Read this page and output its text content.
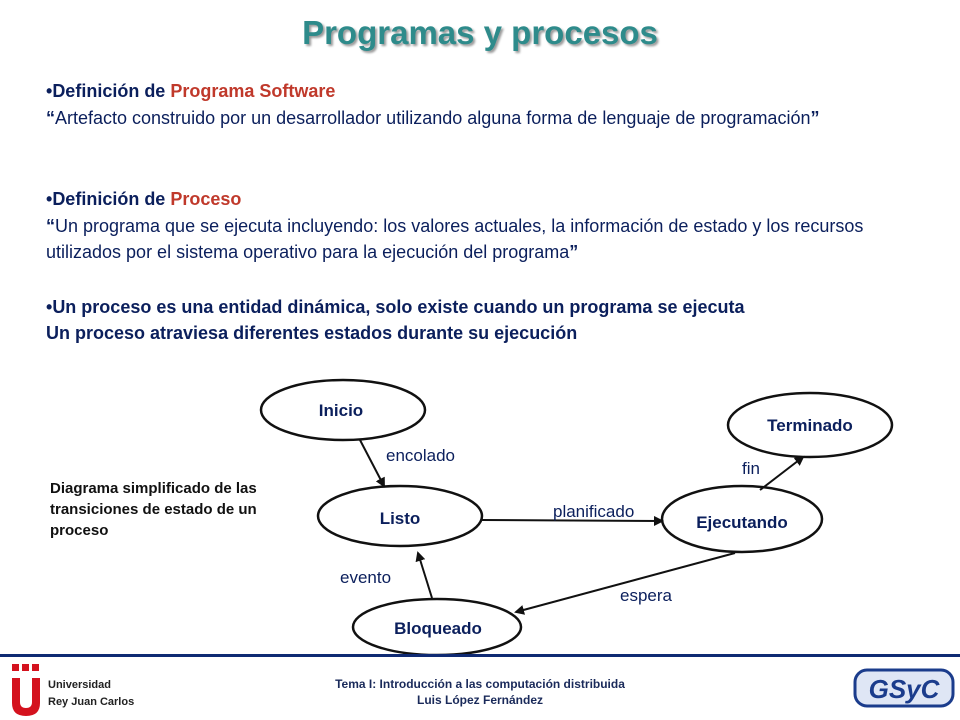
Programas y procesos
•Definición de Programa Software
“Artefacto construido por un desarrollador utilizando alguna forma de lenguaje de programación”
•Definición de Proceso
“Un programa que se ejecuta incluyendo: los valores actuales, la información de estado y los recursos utilizados por el sistema operativo para la ejecución del programa”
•Un proceso es una entidad dinámica, solo existe cuando un programa se ejecuta
Un proceso atraviesa diferentes estados durante su ejecución
Diagrama simplificado de las transiciones de estado de un proceso
Inicio
Listo	Ejecutando
Terminado
Bloqueado
encolado
planificado
fin
espera
evento
Tema I: Introducción a las computación distribuida
Luis López Fernández
Universidad
Rey Juan Carlos	GSyC
